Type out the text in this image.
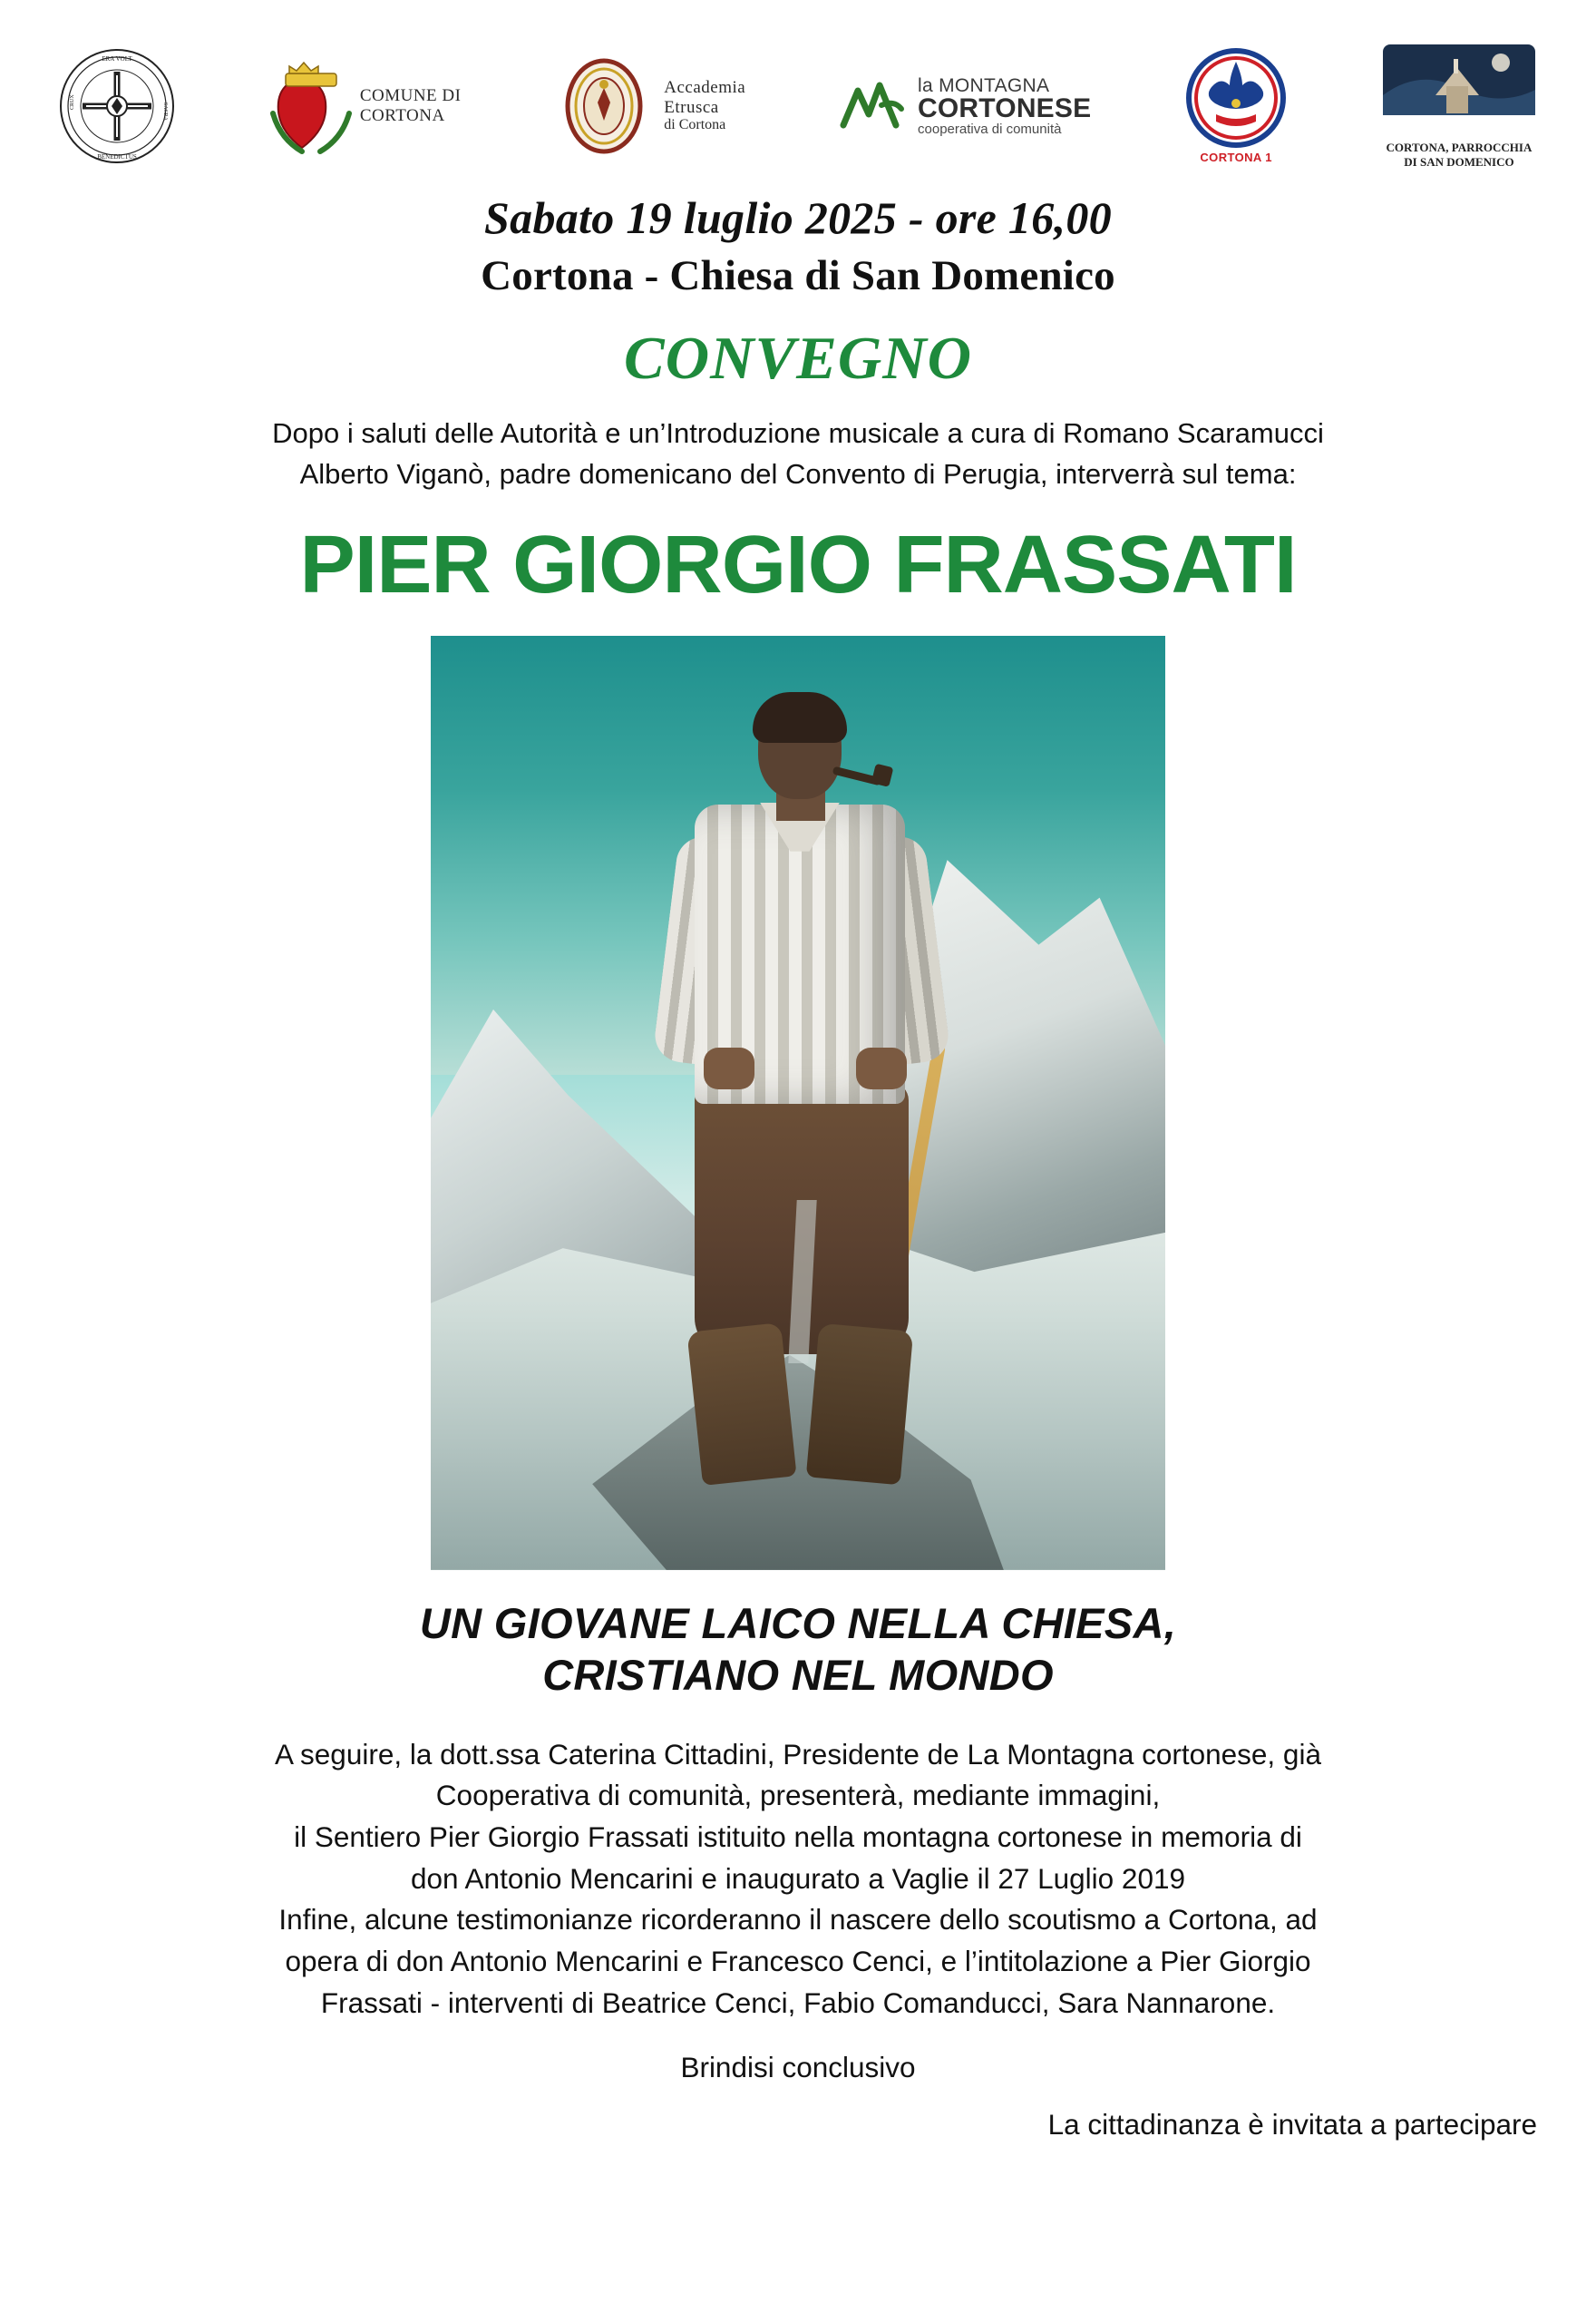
ERA VOLT
BENEDICTUS
CRUX
SACRA
COMUNE DI
CORTONA
Accademia
Etrusca
di Cortona
la MONTAGNA
CORTONESE
cooperativa di comunità
CORTONA 1
CORTONA, PARROCCHIA
DI SAN DOMENICO
Sabato 19 luglio 2025 - ore 16,00
Cortona - Chiesa di San Domenico
CONVEGNO
Dopo i saluti delle Autorità e un’Introduzione musicale a cura di Romano Scaramucci
Alberto Viganò, padre domenicano del Convento di Perugia, interverrà sul tema:
PIER GIORGIO FRASSATI
UN GIOVANE LAICO NELLA CHIESA,
CRISTIANO NEL MONDO
A seguire, la dott.ssa Caterina Cittadini, Presidente de La Montagna cortonese, già
Cooperativa di comunità, presenterà, mediante immagini,
il Sentiero Pier Giorgio Frassati istituito nella montagna cortonese in memoria di
don Antonio Mencarini e inaugurato a Vaglie il 27 Luglio 2019
Infine, alcune testimonianze ricorderanno il nascere dello scoutismo a Cortona, ad
opera di don Antonio Mencarini e Francesco Cenci, e l’intitolazione a Pier Giorgio
Frassati - interventi di Beatrice Cenci, Fabio Comanducci, Sara Nannarone.
Brindisi conclusivo
La cittadinanza è invitata a partecipare
